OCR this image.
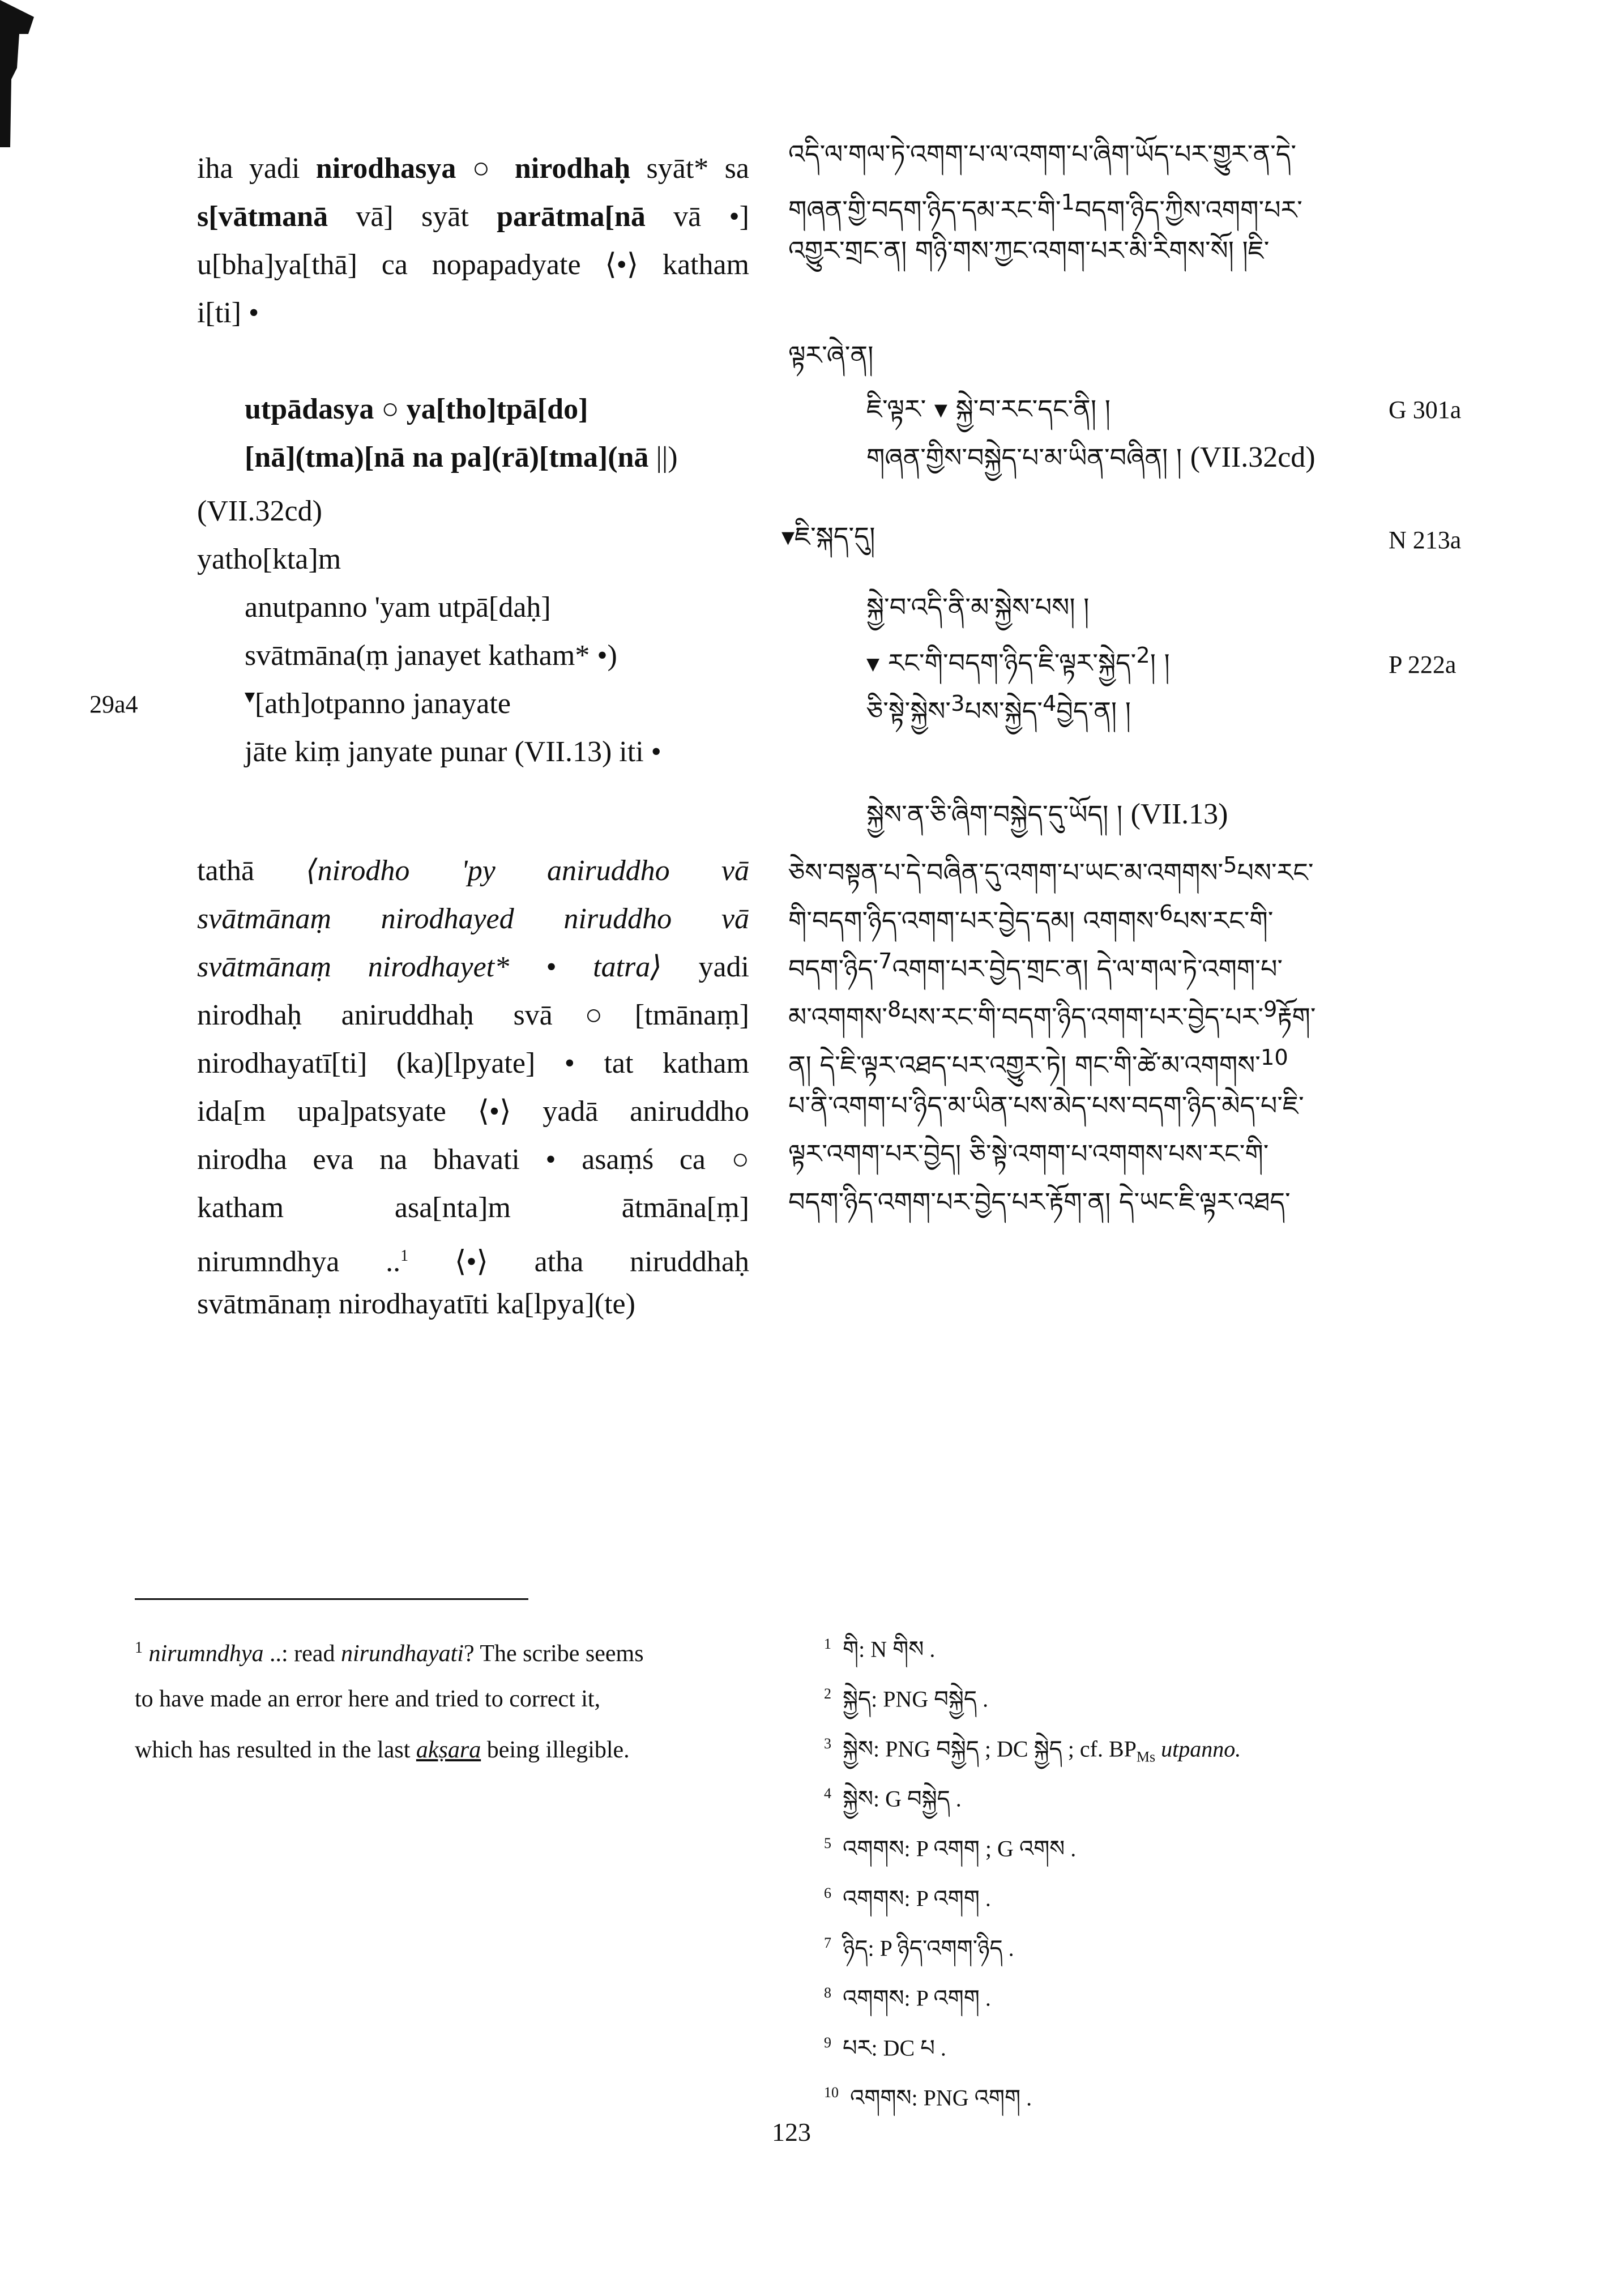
iha yadi nirodhasya ○ nirodhaḥ syāt* sa
s[vātmanā vā] syāt parātma[nā vā •]
u[bha]ya[thā] ca nopapadyate ⟨•⟩ katham
i[ti] •
utpādasya ○ ya[tho]tpā[do]
[nā](tma)[nā na pa](rā)[tma](nā ||)
(VII.32cd)
yatho[kta]m
anutpanno 'yam utpā[daḥ]
svātmāna(ṃ janayet katham* •)
[ath]otpanno janayate
jāte kiṃ janyate punar (VII.13) iti •
29a4
tathā ⟨nirodho 'py aniruddho vā
svātmānaṃ nirodhayed niruddho vā
svātmānaṃ nirodhayet* • tatra⟩ yadi
nirodhaḥ aniruddhaḥ svā○[tmānaṃ]
nirodhayatī[ti] (ka)[lpyate] • tat katham
ida[m upa]patsyate ⟨•⟩ yadā aniruddho
nirodha eva na bhavati • asaṃś ca ○
katham asa[nta]m ātmāna[ṃ]
nirumndhya ..$^1$ ⟨•⟩ atha niruddhaḥ
svātmānaṃ nirodhayatīti ka[lpya](te)
འདི་ལ་གལ་ཏེ་འགག་པ་ལ་འགག་པ་ཞིག་ཡོད་པར་གྱུར་ན་དེ་
གཞན་གྱི་བདག་ཉིད་དམ་རང་གི་$^1$བདག་ཉིད་ཀྱིས་འགག་པར་
འགྱུར་གྲང་ན། གཉི་གས་ཀྱང་འགག་པར་མི་རིགས་སོ། །ཇི་
ལྟར་ཞེ་ན།
ཇི་ལྟར་ ▾ སྐྱེ་བ་རང་དང་ནི། །
གཞན་གྱིས་བསྐྱེད་པ་མ་ཡིན་བཞིན། ། (VII.32cd)
▾ཇི་སྐད་དུ།
སྐྱེ་བ་འདི་ནི་མ་སྐྱེས་པས། །
▾ རང་གི་བདག་ཉིད་ཇི་ལྟར་སྐྱེད་$^2$། །
ཅི་སྟེ་སྐྱེས་$^3$པས་སྐྱེད་$^4$བྱེད་ན། །
སྐྱེས་ན་ཅི་ཞིག་བསྐྱེད་དུ་ཡོད། ། (VII.13)
ཅེས་བསྟན་པ་དེ་བཞིན་དུ་འགག་པ་ཡང་མ་འགགས་$^5$པས་རང་
གི་བདག་ཉིད་འགག་པར་བྱེད་དམ། འགགས་$^6$པས་རང་གི་
བདག་ཉིད་$^7$འགག་པར་བྱེད་གྲང་ན། དེ་ལ་གལ་ཏེ་འགག་པ་
མ་འགགས་$^8$པས་རང་གི་བདག་ཉིད་འགག་པར་བྱེད་པར་$^9$རྟོག་
ན། དེ་ཇི་ལྟར་འཐད་པར་འགྱུར་ཏེ། གང་གི་ཚེ་མ་འགགས་$^{10}$
པ་ནི་འགག་པ་ཉིད་མ་ཡིན་པས་མེད་པས་བདག་ཉིད་མེད་པ་ཇི་
ལྟར་འགག་པར་བྱེད། ཅི་སྟེ་འགག་པ་འགགས་པས་རང་གི་
བདག་ཉིད་འགག་པར་བྱེད་པར་རྟོག་ན། དེ་ཡང་ཇི་ལྟར་འཐད་
G 301a
N 213a
P 222a
$^1$ nirumndhya ..: read nirundhayati? The scribe seems
to have made an error here and tried to correct it,
which has resulted in the last akṣara being illegible.
$^1$  གི: N གིས .
$^2$  སྐྱེད: PNG བསྐྱེད .
$^3$  སྐྱེས: PNG བསྐྱེད ; DC སྐྱེད ; cf. $BP_{Ms}$ utpanno.
$^4$  སྐྱེས: G བསྐྱེད .
$^5$  འགགས: P འགག ; G འགས .
$^6$  འགགས: P འགག .
$^7$  ཉིད: P ཉིད་འགག་ཉིད .
$^8$  འགགས: P འགག .
$^9$  པར: DC པ .
$^{10}$  འགགས: PNG འགག .
123
